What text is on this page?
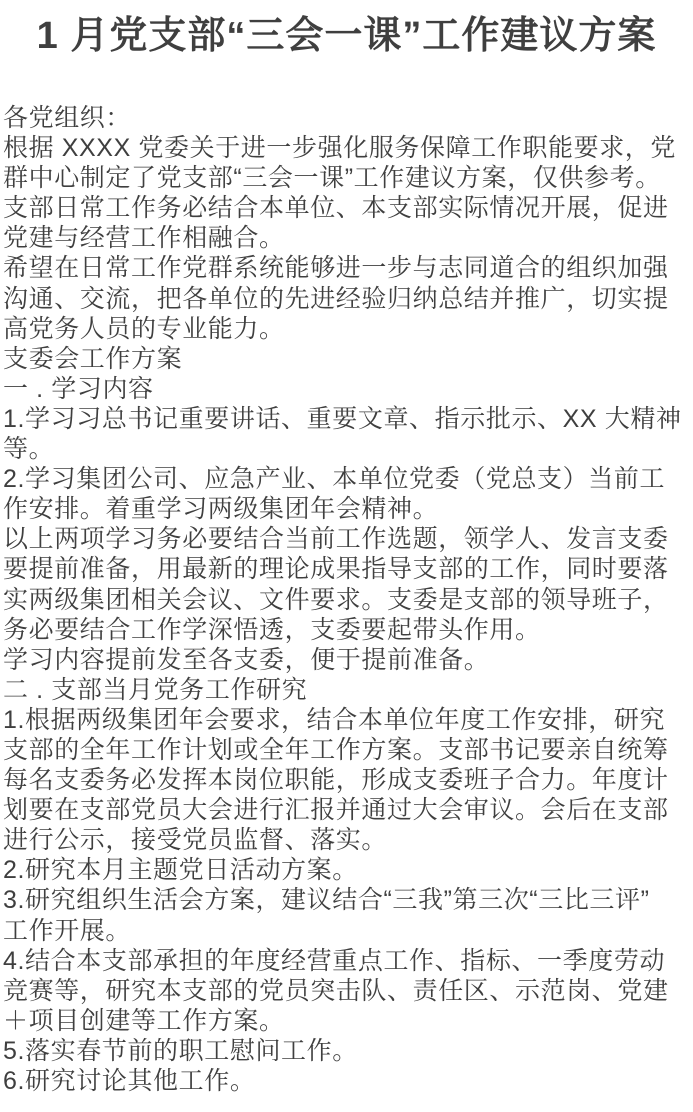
1 月党支部“三会一课”工作建议方案
各党组织：
根据 XXXX 党委关于进一步强化服务保障工作职能要求，党
群中心制定了党支部“三会一课”工作建议方案，仅供参考。
支部日常工作务必结合本单位、本支部实际情况开展，促进
党建与经营工作相融合。
希望在日常工作党群系统能够进一步与志同道合的组织加强
沟通、交流，把各单位的先进经验归纳总结并推广，切实提
高党务人员的专业能力。
支委会工作方案
一 . 学习内容
1.学习习总书记重要讲话、重要文章、指示批示、XX 大精神
等。
2.学习集团公司、应急产业、本单位党委（党总支）当前工
作安排。着重学习两级集团年会精神。
以上两项学习务必要结合当前工作选题，领学人、发言支委
要提前准备，用最新的理论成果指导支部的工作，同时要落
实两级集团相关会议、文件要求。支委是支部的领导班子，
务必要结合工作学深悟透，支委要起带头作用。
学习内容提前发至各支委，便于提前准备。
二 . 支部当月党务工作研究
1.根据两级集团年会要求，结合本单位年度工作安排，研究
支部的全年工作计划或全年工作方案。支部书记要亲自统筹
每名支委务必发挥本岗位职能，形成支委班子合力。年度计
划要在支部党员大会进行汇报并通过大会审议。会后在支部
进行公示，接受党员监督、落实。
2.研究本月主题党日活动方案。
3.研究组织生活会方案，建议结合“三我”第三次“三比三评”
工作开展。
4.结合本支部承担的年度经营重点工作、指标、一季度劳动
竞赛等，研究本支部的党员突击队、责任区、示范岗、党建
＋项目创建等工作方案。
5.落实春节前的职工慰问工作。
6.研究讨论其他工作。
